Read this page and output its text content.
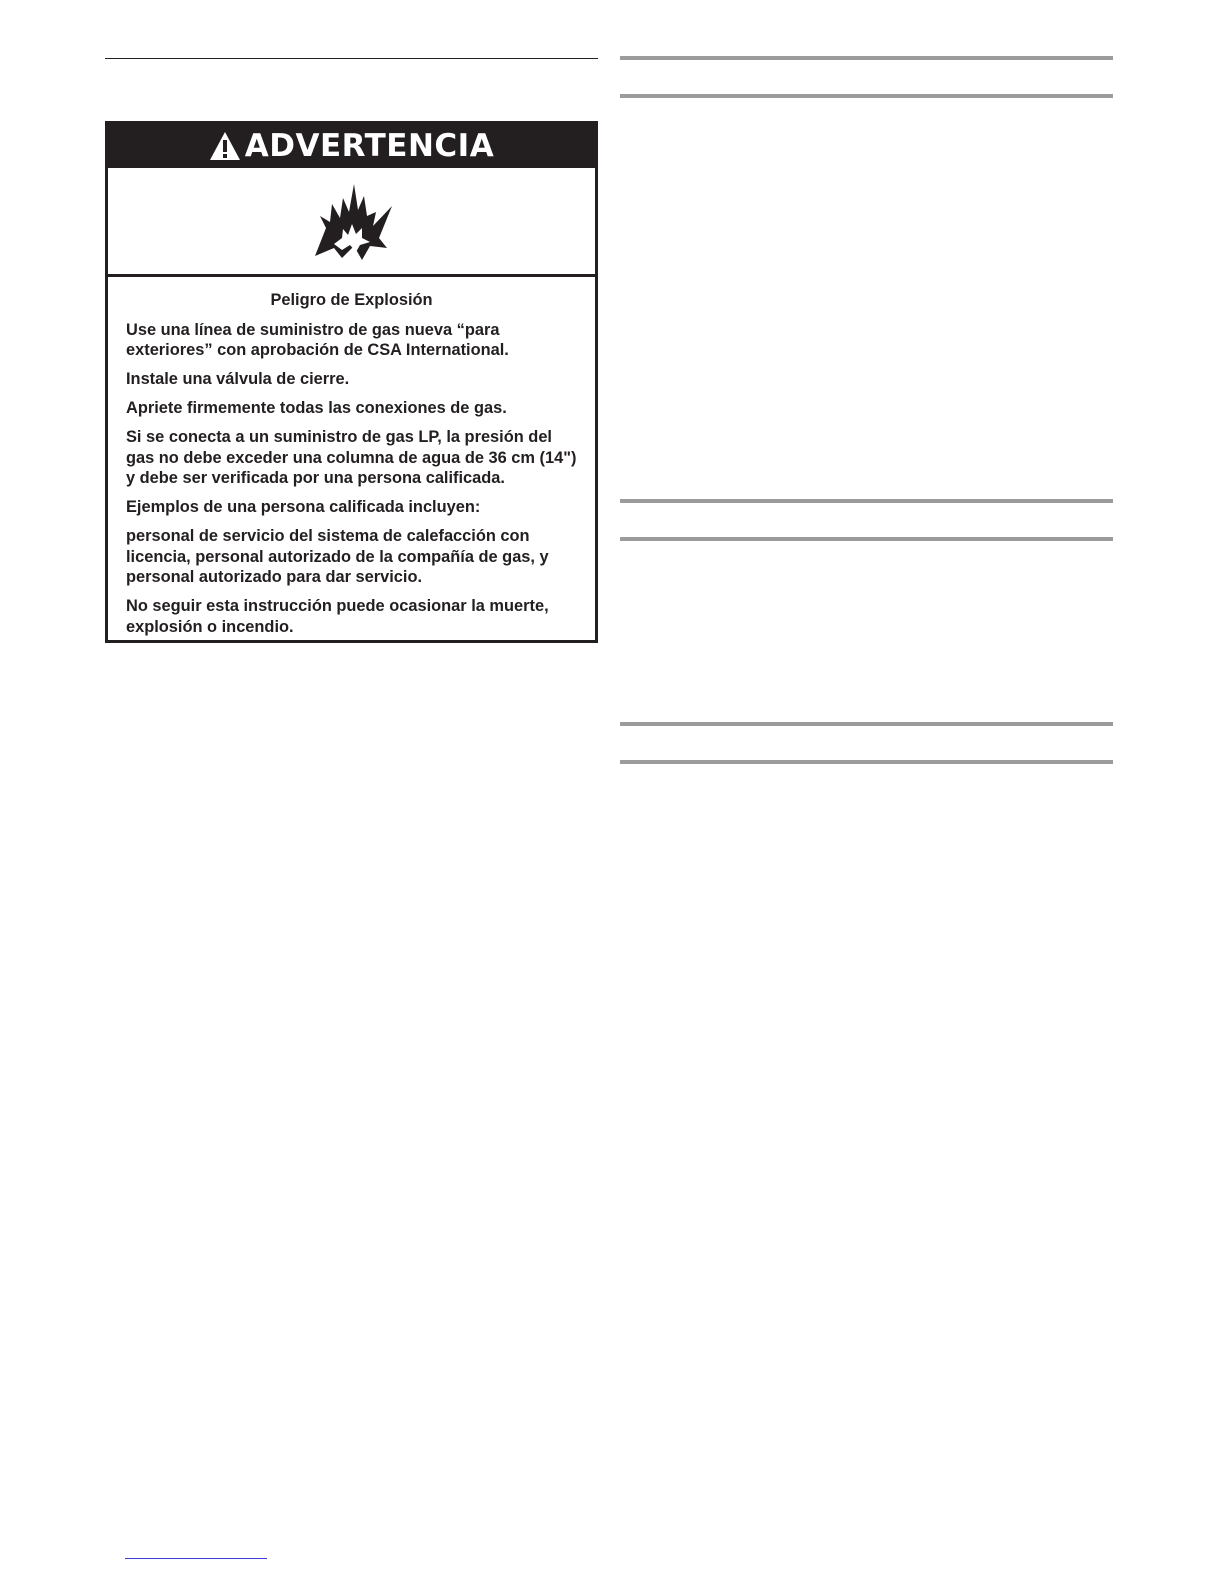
ADVERTENCIA

Peligro de Explosión

Use una línea de suministro de gas nueva “para exteriores” con aprobación de CSA International.

Instale una válvula de cierre.

Apriete firmemente todas las conexiones de gas.

Si se conecta a un suministro de gas LP, la presión del gas no debe exceder una columna de agua de 36 cm (14") y debe ser verificada por una persona calificada.

Ejemplos de una persona calificada incluyen:

personal de servicio del sistema de calefacción con licencia, personal autorizado de la compañía de gas, y personal autorizado para dar servicio.

No seguir esta instrucción puede ocasionar la muerte, explosión o incendio.
